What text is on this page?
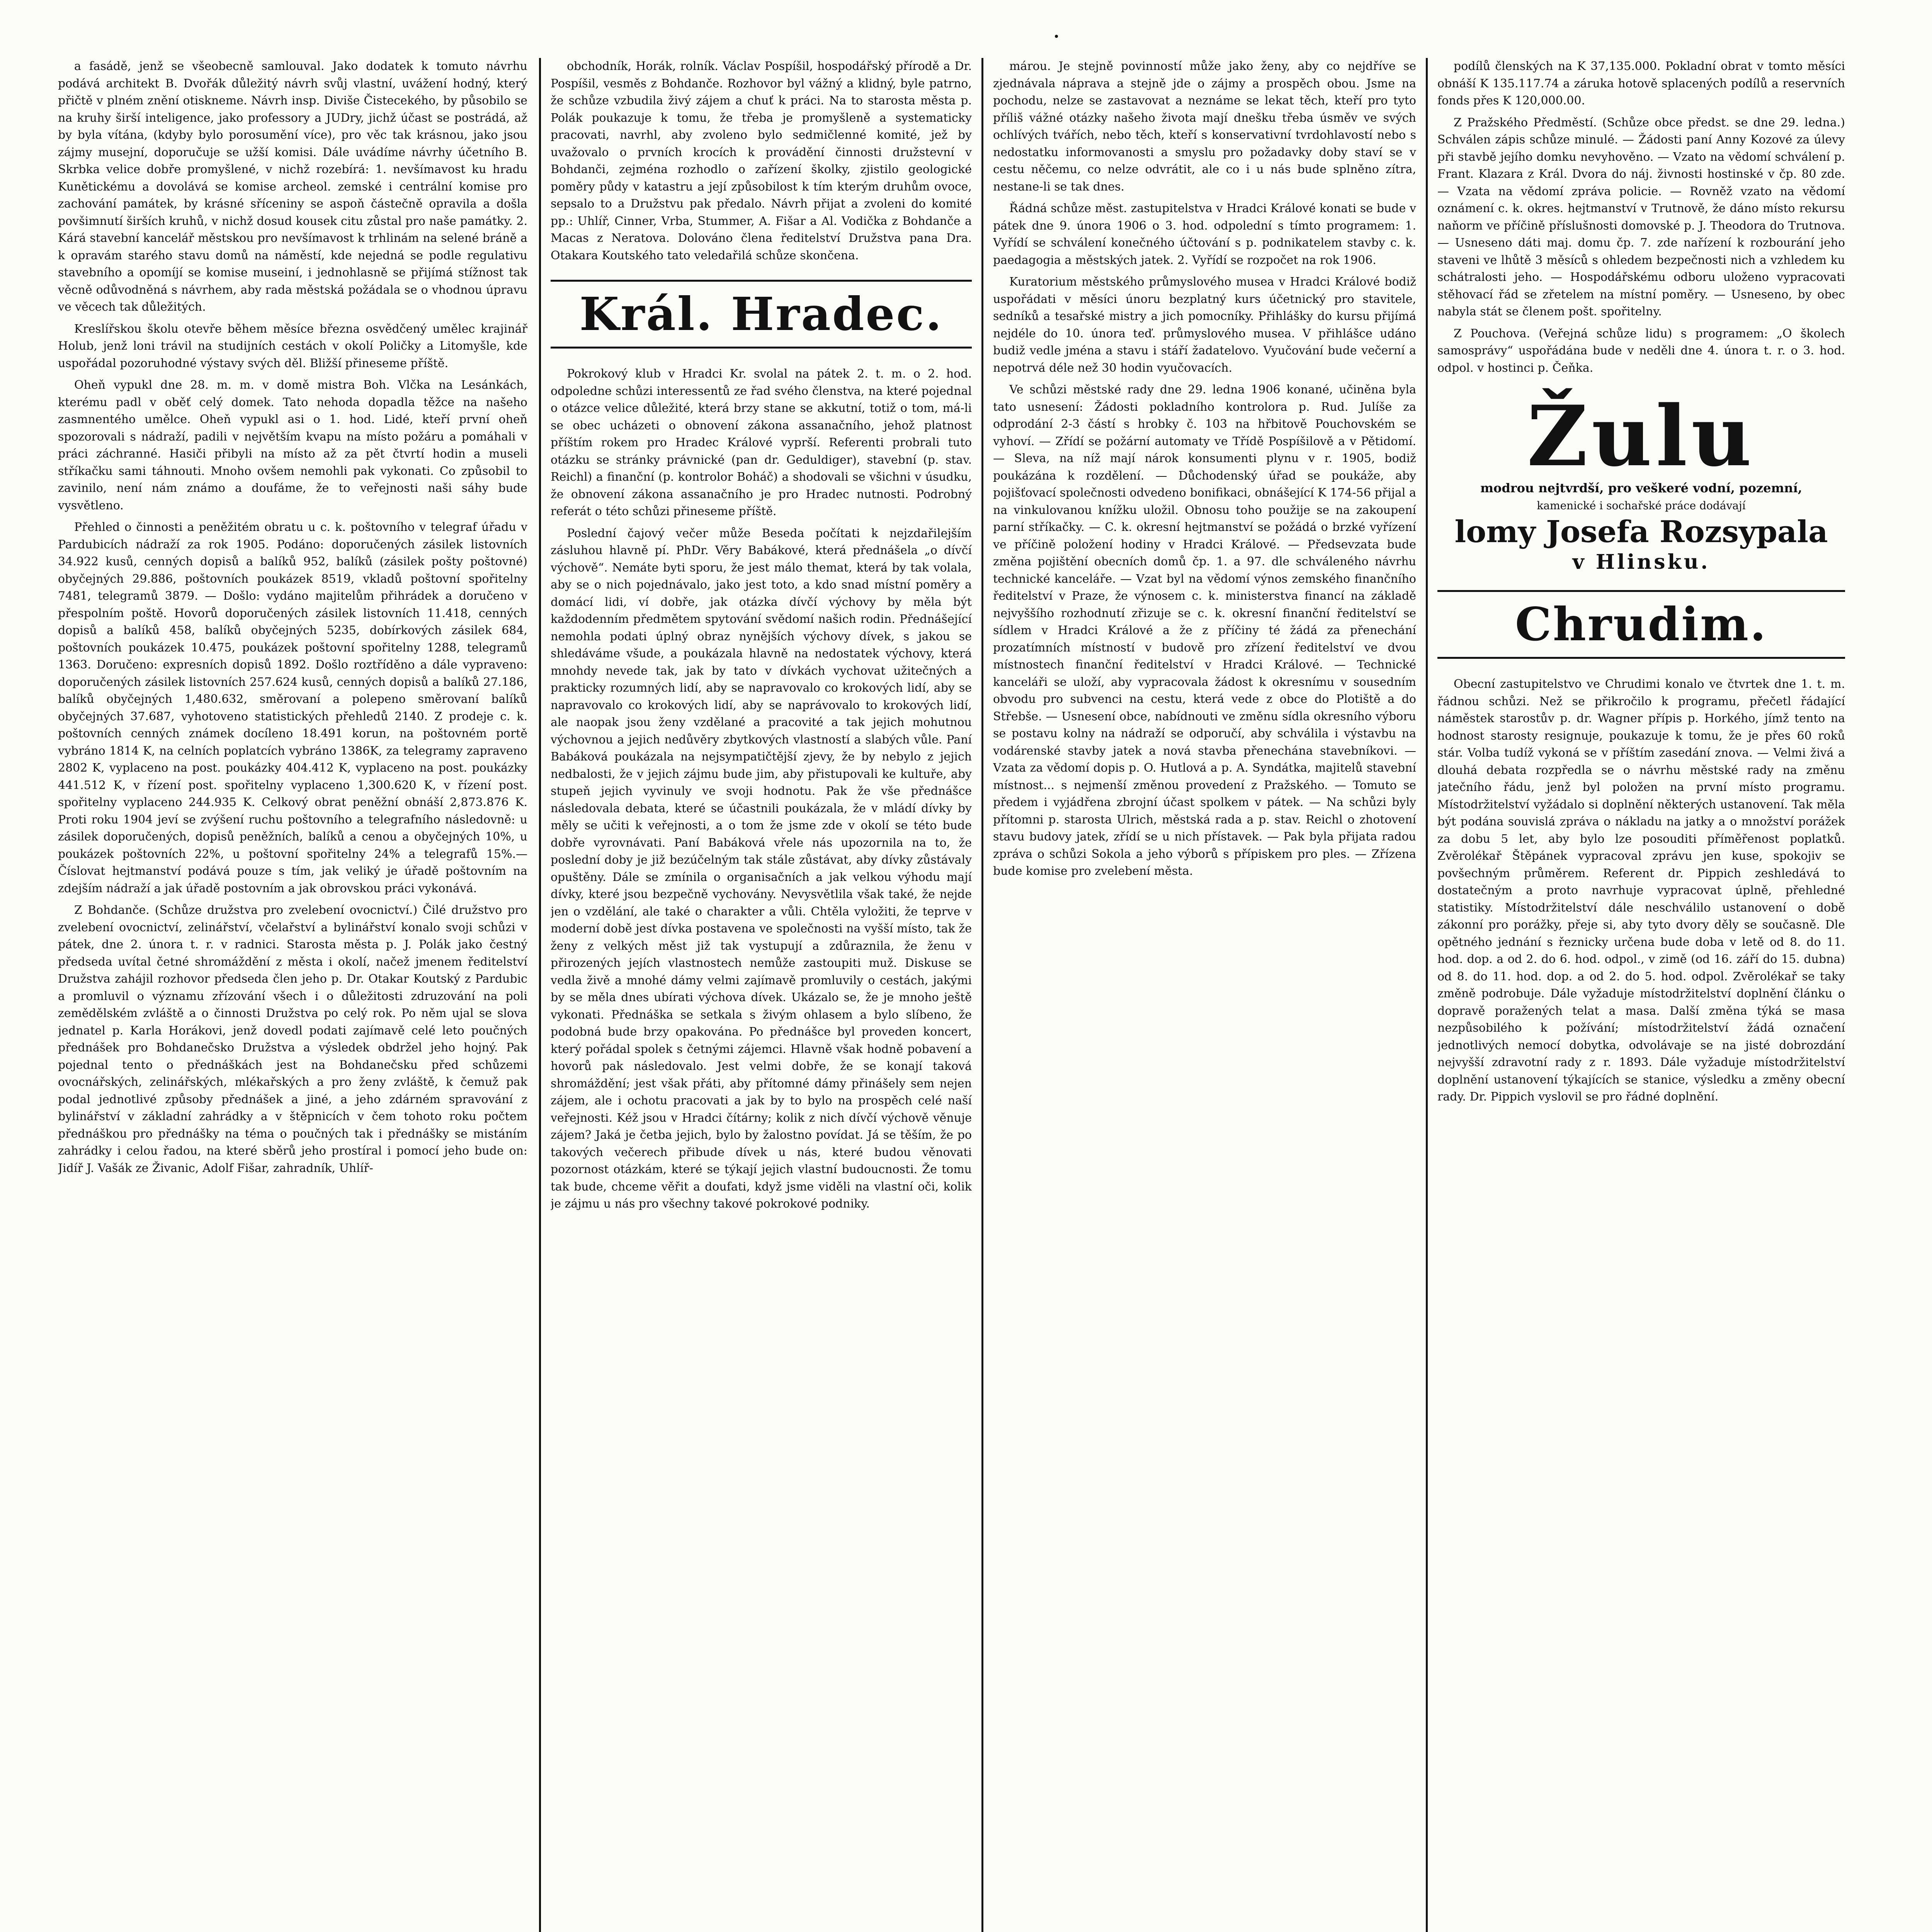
a fasádě, jenž se všeobecně samlouval. Jako dodatek k tomuto návrhu podává architekt B. Dvořák důležitý návrh svůj vlastní, uvážení hodný, který přičtě v plném znění otiskneme. Návrh insp. Diviše Čistecekého, by působilo se na kruhy širší inteligence, jako professory a JUDry, jichž účast se postrádá, až by byla vítána, (kdyby bylo porosumění více), pro věc tak krásnou, jako jsou zájmy musejní, doporučuje se užší komisi. Dále uvádíme návrhy účetního B. Skrbka velice dobře promyšlené, v nichž rozebírá: 1. nevšímavost ku hradu Kunětickému a dovolává se komise archeol. zemské i centrální komise pro zachování památek, by krásné sříceniny se aspoň částečně opravila a došla povšimnutí širších kruhů, v nichž dosud kousek citu zůstal pro naše památky. 2. Kárá stavební kancelář městskou pro nevšímavost k trhlinám na selené bráně a k opravám starého stavu domů na náměstí, kde nejedná se podle regulativu stavebního a opomíjí se komise museiní, i jednohlasně se přijímá stížnost tak věcně odůvodněná s návrhem, aby rada městská požádala se o vhodnou úpravu ve věcech tak důležitých.

Kreslířskou školu otevře během měsíce března osvědčený umělec krajinář Holub, jenž loni trávil na studijních cestách v okolí Poličky a Litomyšle, kde uspořádal pozoruhodné výstavy svých děl. Bližší přineseme příště.

Oheň vypukl dne 28. m. m. v domě mistra Boh. Vlčka na Lesánkách, kterému padl v oběť celý domek. Tato nehoda dopadla těžce na našeho zasmnentého umělce. Oheň vypukl asi o 1. hod. Lidé, kteří první oheň spozorovali s nádraží, padili v největším kvapu na místo požáru a pomáhali v práci záchranné. Hasiči přibyli na místo až za pět čtvrtí hodin a museli stříkačku sami táhnouti. Mnoho ovšem nemohli pak vykonati. Co způsobil to zavinilo, není nám známo a doufáme, že to veřejnosti naši sáhy bude vysvětleno.

Přehled o činnosti a peněžitém obratu u c. k. poštovního v telegraf úřadu v Pardubicích nádraží za rok 1905. Podáno: doporučených zásilek listovních 34.922 kusů, cenných dopisů a balíků 952, balíků (zásilek pošty poštovné) obyčejných 29.886, poštovních poukázek 8519, vkladů poštovní spořitelny 7481, telegramů 3879. — Došlo: vydáno majitelům přihrádek a doručeno v přespolním poště. Hovorů doporučených zásilek listovních 11.418, cenných dopisů a balíků 458, balíků obyčejných 5235, dobírkových zásilek 684, poštovních poukázek 10.475, poukázek poštovní spořitelny 1288, telegramů 1363. Doručeno: expresních dopisů 1892. Došlo roztříděno a dále vypraveno: doporučených zásilek listovních 257.624 kusů, cenných dopisů a balíků 27.186, balíků obyčejných 1,480.632, směrovaní a polepeno směrovaní balíků obyčejných 37.687, vyhotoveno statistických přehledů 2140. Z prodeje c. k. poštovních cenných známek docíleno 18.491 korun, na poštovném portě vybráno 1814 K, na celních poplatcích vybráno 1386K, za telegramy zapraveno 2802 K, vyplaceno na post. poukázky 404.412 K, vyplaceno na post. poukázky 441.512 K, v řízení post. spořitelny vyplaceno 1,300.620 K, v řízení post. spořitelny vyplaceno 244.935 K. Celkový obrat peněžní obnáší 2,873.876 K. Proti roku 1904 jeví se zvýšení ruchu poštovního a telegrafního následovně: u zásilek doporučených, dopisů peněžních, balíků a cenou a obyčejných 10%, u poukázek poštovních 22%, u poštovní spořitelny 24% a telegrafů 15%.— Číslovat hejtmanství podává pouze s tím, jak veliký je úřadě poštovním na zdejším nádraží a jak úřadě postovním a jak obrovskou práci vykonává.

Z Bohdanče. (Schůze družstva pro zvelebení ovocnictví.) Čilé družstvo pro zvelebení ovocnictví, zelinářství, včelařství a bylinářství konalo svoji schůzi v pátek, dne 2. února t. r. v radnici. Starosta města p. J. Polák jako čestný předseda uvítal četné shromáždění z města i okolí, načež jmenem ředitelství Družstva zahájil rozhovor předseda člen jeho p. Dr. Otakar Koutský z Pardubic a promluvil o významu zřízování všech i o důležitosti zdruzování na poli zemědělském zvláště a o činnosti Družstva po celý rok. Po něm ujal se slova jednatel p. Karla Horákovi, jenž dovedl podati zajímavě celé leto poučných přednášek pro Bohdanečsko Družstva a výsledek obdržel jeho hojný. Pak pojednal tento o přednáškách jest na Bohdanečsku před schůzemi ovocnářských, zelinářských, mlékařských a pro ženy zvláště, k čemuž pak podal jednotlivé způsoby přednášek a jiné, a jeho zdárném spravování z bylinářství v základní zahrádky a v štěpnicích v čem tohoto roku počtem přednáškou pro přednášky na téma o poučných tak i přednášky se mistáním zahrádky i celou řadou, na které sběrů jeho prostíral i pomocí jeho bude on: Jidíř J. Vašák ze Živanic, Adolf Fišar, zahradník, Uhlíř-

obchodník, Horák, rolník. Václav Pospíšil, hospodářský přírodě a Dr. Pospíšil, vesměs z Bohdanče. Rozhovor byl vážný a klidný, byle patrno, že schůze vzbudila živý zájem a chuť k práci. Na to starosta města p. Polák poukazuje k tomu, že třeba je promyšleně a systematicky pracovati, navrhl, aby zvoleno bylo sedmičlenné komité, jež by uvažovalo o prvních krocích k provádění činnosti družstevní v Bohdanči, zejména rozhodlo o zařízení školky, zjistilo geologické poměry půdy v katastru a její způsobilost k tím kterým druhům ovoce, sepsalo to a Družstvu pak předalo. Návrh přijat a zvoleni do komité pp.: Uhlíř, Cinner, Vrba, Stummer, A. Fišar a Al. Vodička z Bohdanče a Macas z Neratova. Dolováno člena ředitelství Družstva pana Dra. Otakara Koutského tato veledařilá schůze skončena.

Král. Hradec.

Pokrokový klub v Hradci Kr. svolal na pátek 2. t. m. o 2. hod. odpoledne schůzi interessentů ze řad svého členstva, na které pojednal o otázce velice důležité, která brzy stane se akkutní, totiž o tom, má-li se obec ucházeti o obnovení zákona assanačního, jehož platnost příštím rokem pro Hradec Králové vyprší. Referenti probrali tuto otázku se stránky právnické (pan dr. Geduldiger), stavební (p. stav. Reichl) a finanční (p. kontrolor Boháč) a shodovali se všichni v úsudku, že obnovení zákona assanačního je pro Hradec nutnosti. Podrobný referát o této schůzi přineseme příště.

Poslední čajový večer může Beseda počítati k nejzdařilejším zásluhou hlavně pí. PhDr. Věry Babákové, která přednášela „o dívčí výchově“. Nemáte byti sporu, že jest málo themat, která by tak volala, aby se o nich pojednávalo, jako jest toto, a kdo snad místní poměry a domácí lidi, ví dobře, jak otázka dívčí výchovy by měla být každodenním předmětem spytování svědomí našich rodin. Přednášející nemohla podati úplný obraz nynějších výchovy dívek, s jakou se shledáváme všude, a poukázala hlavně na nedostatek výchovy, která mnohdy nevede tak, jak by tato v dívkách vychovat užitečných a prakticky rozumných lidí, aby se napravovalo co krokových lidí, aby se napravovalo co krokových lidí, aby se naprávovalo to krokových lidí, ale naopak jsou ženy vzdělané a pracovité a tak jejich mohutnou výchovnou a jejich nedůvěry zbytkových vlastností a slabých vůle. Paní Babáková poukázala na nejsympatičtější zjevy, že by nebylo z jejich nedbalosti, že v jejich zájmu bude jim, aby přistupovali ke kultuře, aby stupeň jejich vyvinuly ve svoji hodnotu. Pak že vše přednášce následovala debata, které se účastnili poukázala, že v mládí dívky by měly se učiti k veřejnosti, a o tom že jsme zde v okolí se této bude dobře vyrovnávati. Paní Babáková vřele nás upozornila na to, že poslední doby je již bezúčelným tak stále zůstávat, aby dívky zůstávaly opuštěny. Dále se zmínila o organisačních a jak velkou výhodu mají dívky, které jsou bezpečně vychovány. Nevysvětlila však také, že nejde jen o vzdělání, ale také o charakter a vůli. Chtěla vyložiti, že teprve v moderní době jest dívka postavena ve společnosti na vyšší místo, tak že ženy z velkých měst již tak vystupují a zdůraznila, že ženu v přirozených jejích vlastnostech nemůže zastoupiti muž. Diskuse se vedla živě a mnohé dámy velmi zajímavě promluvily o cestách, jakými by se měla dnes ubírati výchova dívek. Ukázalo se, že je mnoho ještě vykonati. Přednáška se setkala s živým ohlasem a bylo slíbeno, že podobná bude brzy opakována. Po přednášce byl proveden koncert, který pořádal spolek s četnými zájemci. Hlavně však hodně pobavení a hovorů pak následovalo. Jest velmi dobře, že se konají taková shromáždění; jest však přáti, aby přítomné dámy přinášely sem nejen zájem, ale i ochotu pracovati a jak by to bylo na prospěch celé naší veřejnosti. Kéž jsou v Hradci čítárny; kolik z nich dívčí výchově věnuje zájem? Jaká je četba jejich, bylo by žalostno povídat. Já se těším, že po takových večerech přibude dívek u nás, které budou věnovati pozornost otázkám, které se týkají jejich vlastní budoucnosti. Že tomu tak bude, chceme věřit a doufati, když jsme viděli na vlastní oči, kolik je zájmu u nás pro všechny takové pokrokové podniky.

márou. Je stejně povinností může jako ženy, aby co nejdříve se zjednávala náprava a stejně jde o zájmy a prospěch obou. Jsme na pochodu, nelze se zastavovat a neznáme se lekat těch, kteří pro tyto příliš vážné otázky našeho života mají dnešku třeba úsměv ve svých ochlívých tvářích, nebo těch, kteří s konservativní tvrdohlavostí nebo s nedostatku informovanosti a smyslu pro požadavky doby staví se v cestu něčemu, co nelze odvrátit, ale co i u nás bude splněno zítra, nestane-li se tak dnes.

Řádná schůze měst. zastupitelstva v Hradci Králové konati se bude v pátek dne 9. února 1906 o 3. hod. odpolední s tímto programem: 1. Vyřídí se schválení konečného účtování s p. podnikatelem stavby c. k. paedagogia a městských jatek. 2. Vyřídí se rozpočet na rok 1906.

Kuratorium městského průmyslového musea v Hradci Králové bodiž uspořádati v měsíci únoru bezplatný kurs účetnický pro stavitele, sedníků a tesařské mistry a jich pomocníky. Přihlášky do kursu přijímá nejdéle do 10. února teď. průmyslového musea. V přihlášce udáno budiž vedle jména a stavu i stáří žadatelovo. Vyučování bude večerní a nepotrvá déle než 30 hodin vyučovacích.

Ve schůzi městské rady dne 29. ledna 1906 konané, učiněna byla tato usnesení: Žádosti pokladního kontrolora p. Rud. Julíše za odprodání 2-3 částí s hrobky č. 103 na hřbitově Pouchovském se vyhoví. — Zřídí se požární automaty ve Třídě Pospíšilově a v Pětidomí. — Sleva, na níž mají nárok konsumenti plynu v r. 1905, bodiž poukázána k rozdělení. — Důchodenský úřad se poukáže, aby pojišťovací společnosti odvedeno bonifikaci, obnášející K 174-56 přijal a na vinkulovanou knížku uložil. Obnosu toho použije se na zakoupení parní stříkačky. — C. k. okresní hejtmanství se požádá o brzké vyřízení ve příčině položení hodiny v Hradci Králové. — Předsevzata bude změna pojištění obecních domů čp. 1. a 97. dle schváleného návrhu technické kanceláře. — Vzat byl na vědomí výnos zemského finančního ředitelství v Praze, že výnosem c. k. ministerstva financí na základě nejvyššího rozhodnutí zřizuje se c. k. okresní finanční ředitelství se sídlem v Hradci Králové a že z příčiny té žádá za přenechání prozatímních místností v budově pro zřízení ředitelství ve dvou místnostech finanční ředitelství v Hradci Králové. — Technické kanceláři se uloží, aby vypracovala žádost k okresnímu v sousedním obvodu pro subvenci na cestu, která vede z obce do Plotiště a do Střebše. — Usnesení obce, nabídnouti ve změnu sídla okresního výboru se postavu kolny na nádraží se odporučí, aby schválila i výstavbu na vodárenské stavby jatek a nová stavba přenechána stavebníkovi. — Vzata za vědomí dopis p. O. Hutlová a p. A. Syndátka, majitelů stavební místnost... s nejmenší změnou provedení z Pražského. — Tomuto se předem i vyjádřena zbrojní účast spolkem v pátek. — Na schůzi byly přítomni p. starosta Ulrich, městská rada a p. stav. Reichl o zhotovení stavu budovy jatek, zřídí se u nich přístavek. — Pak byla přijata radou zpráva o schůzi Sokola a jeho výborů s přípiskem pro ples. — Zřízena bude komise pro zvelebení města.

podílů členských na K 37,135.000. Pokladní obrat v tomto měsíci obnáší K 135.117.74 a záruka hotově splacených podílů a reservních fonds přes K 120,000.00.

Z Pražského Předměstí. (Schůze obce předst. se dne 29. ledna.) Schválen zápis schůze minulé. — Žádosti paní Anny Kozové za úlevy při stavbě jejího domku nevyhověno. — Vzato na vědomí schválení p. Frant. Klazara z Král. Dvora do náj. živnosti hostinské v čp. 80 zde. — Vzata na vědomí zpráva policie. — Rovněž vzato na vědomí oznámení c. k. okres. hejtmanství v Trutnově, že dáno místo rekursu naňorm ve příčině příslušnosti domovské p. J. Theodora do Trutnova. — Usneseno dáti maj. domu čp. 7. zde nařízení k rozbourání jeho staveni ve lhůtě 3 měsíců s ohledem bezpečnosti nich a vzhledem ku schátralosti jeho. — Hospodářskému odboru uloženo vypracovati stěhovací řád se zřetelem na místní poměry. — Usneseno, by obec nabyla stát se členem pošt. spořitelny.

Z Pouchova. (Veřejná schůze lidu) s programem: „O školech samosprávy“ uspořádána bude v neděli dne 4. února t. r. o 3. hod. odpol. v hostinci p. Čeňka.

Žulu
modrou nejtvrdší, pro veškeré vodní, pozemní,
kamenické i sochařské práce dodávají
lomy Josefa Rozsypala
v Hlinsku.
Chrudim.

Obecní zastupitelstvo ve Chrudimi konalo ve čtvrtek dne 1. t. m. řádnou schůzi. Než se přikročilo k programu, přečetl řádající náměstek starostův p. dr. Wagner přípis p. Horkého, jímž tento na hodnost starosty resignuje, poukazuje k tomu, že je přes 60 roků stár. Volba tudíž vykoná se v příštím zasedání znova. — Velmi živá a dlouhá debata rozpředla se o návrhu městské rady na změnu jatečního řádu, jenž byl položen na první místo programu. Místodržitelství vyžádalo si doplnění některých ustanovení. Tak měla být podána souvislá zpráva o nákladu na jatky a o množství porážek za dobu 5 let, aby bylo lze posouditi příměřenost poplatků. Zvěrolékař Štěpánek vypracoval zprávu jen kuse, spokojiv se povšechným průměrem. Referent dr. Pippich zeshledává to dostatečným a proto navrhuje vypracovat úplně, přehledné statistiky. Místodržitelství dále neschválilo ustanovení o době zákonní pro porážky, přeje si, aby tyto dvory děly se současně. Dle opětného jednání s řeznicky určena bude doba v letě od 8. do 11. hod. dop. a od 2. do 6. hod. odpol., v zimě (od 16. září do 15. dubna) od 8. do 11. hod. dop. a od 2. do 5. hod. odpol. Zvěrolékař se taky změně podrobuje. Dále vyžaduje místodržitelství doplnění článku o dopravě poražených telat a masa. Další změna týká se masa nezpůsobilého k požívání; místodržitelství žádá označení jednotlivých nemocí dobytka, odvolávaje se na jisté dobrozdání nejvyšší zdravotní rady z r. 1893. Dále vyžaduje místodržitelství doplnění ustanovení týkajících se stanice, výsledku a změny obecní rady. Dr. Pippich vyslovil se pro řádné doplnění.
